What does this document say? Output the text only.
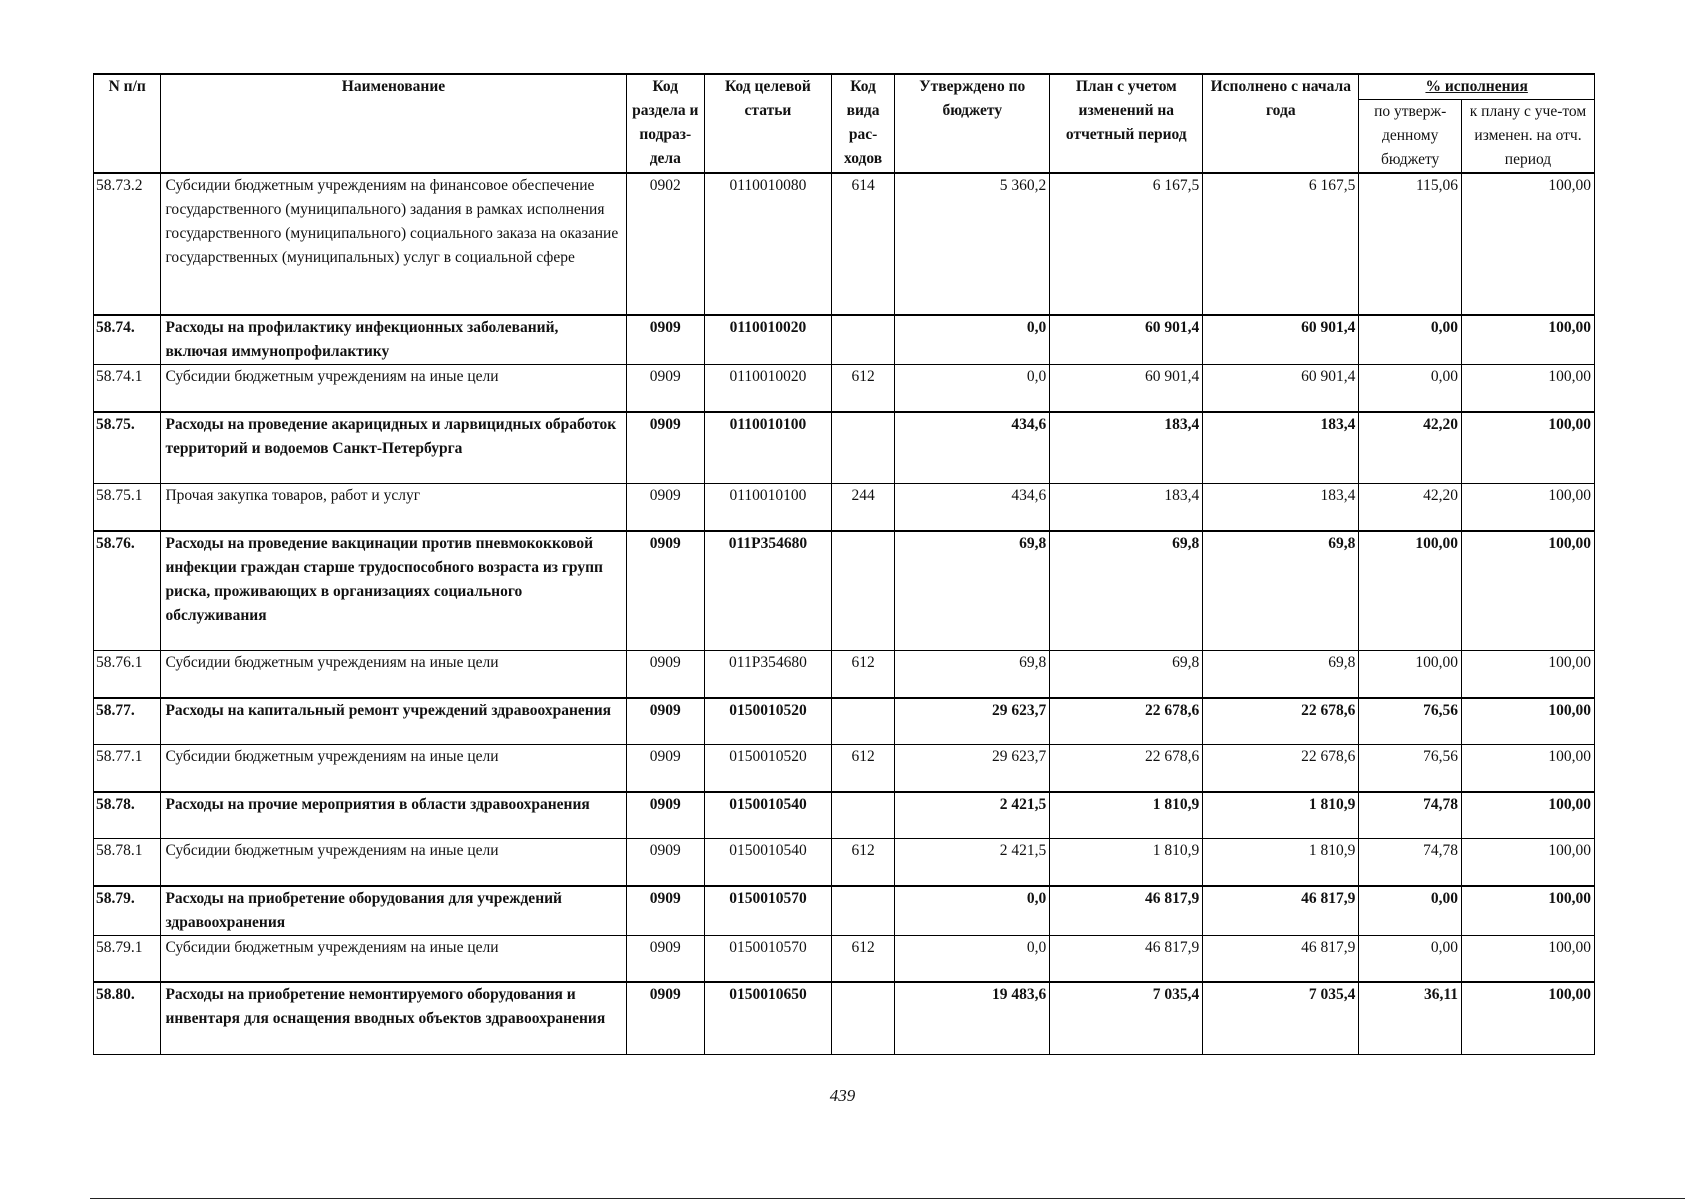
N п/п	Наименование	Код раздела и подраз-дела	Код целевой статьи	Код вида рас-ходов	Утверждено по бюджету	План с учетом изменений на отчетный период	Исполнено с начала года	% исполнения	
								по утверж-денному бюджету	к плану с уче-том изменен. на отч. период
58.73.2	Субсидии бюджетным учреждениям на финансовое обеспечение государственного (муниципального) задания в рамках исполнения государственного (муниципального) социального заказа на оказание государственных (муниципальных) услуг в социальной сфере	0902	0110010080	614	5 360,2	6 167,5	6 167,5	115,06	100,00
58.74.	Расходы на профилактику инфекционных заболеваний, включая иммунопрофилактику	0909	0110010020		0,0	60 901,4	60 901,4	0,00	100,00
58.74.1	Субсидии бюджетным учреждениям на иные цели	0909	0110010020	612	0,0	60 901,4	60 901,4	0,00	100,00
58.75.	Расходы на проведение акарицидных и ларвицидных обработок территорий и водоемов Санкт-Петербурга	0909	0110010100		434,6	183,4	183,4	42,20	100,00
58.75.1	Прочая закупка товаров, работ и услуг	0909	0110010100	244	434,6	183,4	183,4	42,20	100,00
58.76.	Расходы на проведение вакцинации против пневмококковой инфекции граждан старше трудоспособного возраста из групп риска, проживающих в организациях социального обслуживания	0909	011P354680		69,8	69,8	69,8	100,00	100,00
58.76.1	Субсидии бюджетным учреждениям на иные цели	0909	011P354680	612	69,8	69,8	69,8	100,00	100,00
58.77.	Расходы на капитальный ремонт учреждений здравоохранения	0909	0150010520		29 623,7	22 678,6	22 678,6	76,56	100,00
58.77.1	Субсидии бюджетным учреждениям на иные цели	0909	0150010520	612	29 623,7	22 678,6	22 678,6	76,56	100,00
58.78.	Расходы на прочие мероприятия в области здравоохранения	0909	0150010540		2 421,5	1 810,9	1 810,9	74,78	100,00
58.78.1	Субсидии бюджетным учреждениям на иные цели	0909	0150010540	612	2 421,5	1 810,9	1 810,9	74,78	100,00
58.79.	Расходы на приобретение оборудования для учреждений здравоохранения	0909	0150010570		0,0	46 817,9	46 817,9	0,00	100,00
58.79.1	Субсидии бюджетным учреждениям на иные цели	0909	0150010570	612	0,0	46 817,9	46 817,9	0,00	100,00
58.80.	Расходы на приобретение немонтируемого оборудования и инвентаря для оснащения вводных объектов здравоохранения	0909	0150010650		19 483,6	7 035,4	7 035,4	36,11	100,00
439
